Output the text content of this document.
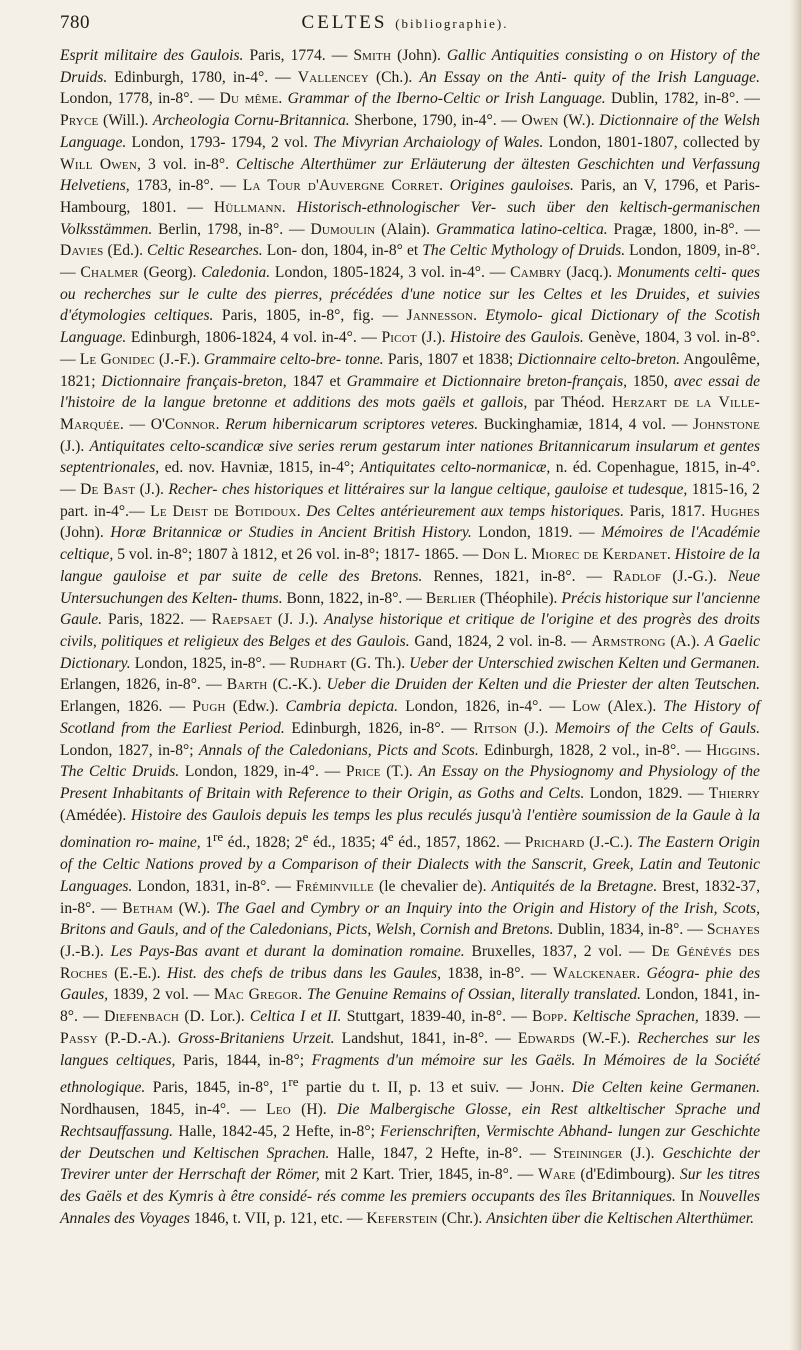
780	CELTES (bibliographie).
Esprit militaire des Gaulois. Paris, 1774. — Smith (John). Gallic Antiquities consisting o on History of the Druids. Edinburgh, 1780, in-4°. — Vallencey (Ch.). An Essay on the Anti- quity of the Irish Language. London, 1778, in-8°. — Du même. Grammar of the Iberno-Celtic or Irish Language. Dublin, 1782, in-8°. — Pryce (Will.). Archeologia Cornu-Britannica. Sherbone, 1790, in-4°. — Owen (W.). Dictionnaire of the Welsh Language. London, 1793- 1794, 2 vol. The Mivyrian Archaiology of Wales. London, 1801-1807, collected by Will Owen, 3 vol. in-8°. Celtische Alterthümer zur Erläuterung der ältesten Geschichten und Verfassung Helvetiens, 1783, in-8°. — La Tour d'Auvergne Corret. Origines gauloises. Paris, an V, 1796, et Paris-Hambourg, 1801. — Hüllmann. Historisch-ethnologischer Ver- such über den keltisch-germanischen Volksstämmen. Berlin, 1798, in-8°. — Dumoulin (Alain). Grammatica latino-celtica. Pragæ, 1800, in-8°. — Davies (Ed.). Celtic Researches. Lon- don, 1804, in-8° et The Celtic Mythology of Druids. London, 1809, in-8°. — Chalmer (Georg). Caledonia. London, 1805-1824, 3 vol. in-4°. — Cambry (Jacq.). Monuments celti- ques ou recherches sur le culte des pierres, précédées d'une notice sur les Celtes et les Druides, et suivies d'étymologies celtiques. Paris, 1805, in-8°, fig. — Jannesson. Etymolo- gical Dictionary of the Scotish Language. Edinburgh, 1806-1824, 4 vol. in-4°. — Picot (J.). Histoire des Gaulois. Genève, 1804, 3 vol. in-8°. — Le Gonidec (J.-F.). Grammaire celto-bre- tonne. Paris, 1807 et 1838; Dictionnaire celto-breton. Angoulême, 1821; Dictionnaire français-breton, 1847 et Grammaire et Dictionnaire breton-français, 1850, avec essai de l'histoire de la langue bretonne et additions des mots gaëls et gallois, par Théod. Herzart de la Ville-Marquée. — O'Connor. Rerum hibernicarum scriptores veteres. Buckinghamiæ, 1814, 4 vol. — Johnstone (J.). Antiquitates celto-scandicæ sive series rerum gestarum inter nationes Britannicarum insularum et gentes septentrionales, ed. nov. Havniæ, 1815, in-4°; Antiquitates celto-normanicæ, n. éd. Copenhague, 1815, in-4°. — De Bast (J.). Recher- ches historiques et littéraires sur la langue celtique, gauloise et tudesque, 1815-16, 2 part. in-4°.— Le Deist de Botidoux. Des Celtes antérieurement aux temps historiques. Paris, 1817. Hughes (John). Horæ Britannicæ or Studies in Ancient British History. London, 1819. — Mémoires de l'Académie celtique, 5 vol. in-8°; 1807 à 1812, et 26 vol. in-8°; 1817- 1865. — Don L. Miorec de Kerdanet. Histoire de la langue gauloise et par suite de celle des Bretons. Rennes, 1821, in-8°. — Radlof (J.-G.). Neue Untersuchungen des Kelten- thums. Bonn, 1822, in-8°. — Berlier (Théophile). Précis historique sur l'ancienne Gaule. Paris, 1822. — Raepsaet (J. J.). Analyse historique et critique de l'origine et des progrès des droits civils, politiques et religieux des Belges et des Gaulois. Gand, 1824, 2 vol. in-8. — Armstrong (A.). A Gaelic Dictionary. London, 1825, in-8°. — Rudhart (G. Th.). Ueber der Unterschied zwischen Kelten und Germanen. Erlangen, 1826, in-8°. — Barth (C.-K.). Ueber die Druiden der Kelten und die Priester der alten Teutschen. Erlangen, 1826. — Pugh (Edw.). Cambria depicta. London, 1826, in-4°. — Low (Alex.). The History of Scotland from the Earliest Period. Edinburgh, 1826, in-8°. — Ritson (J.). Memoirs of the Celts of Gauls. London, 1827, in-8°; Annals of the Caledonians, Picts and Scots. Edinburgh, 1828, 2 vol., in-8°. — Higgins. The Celtic Druids. London, 1829, in-4°. — Price (T.). An Essay on the Physiognomy and Physiology of the Present Inhabitants of Britain with Reference to their Origin, as Goths and Celts. London, 1829. — Thierry (Amédée). Histoire des Gaulois depuis les temps les plus reculés jusqu'à l'entière soumission de la Gaule à la domination ro- maine, 1re éd., 1828; 2e éd., 1835; 4e éd., 1857, 1862. — Prichard (J.-C.). The Eastern Origin of the Celtic Nations proved by a Comparison of their Dialects with the Sanscrit, Greek, Latin and Teutonic Languages. London, 1831, in-8°. — Fréminville (le chevalier de). Antiquités de la Bretagne. Brest, 1832-37, in-8°. — Betham (W.). The Gael and Cymbry or an Inquiry into the Origin and History of the Irish, Scots, Britons and Gauls, and of the Caledonians, Picts, Welsh, Cornish and Bretons. Dublin, 1834, in-8°. — Schayes (J.-B.). Les Pays-Bas avant et durant la domination romaine. Bruxelles, 1837, 2 vol. — De Génévés des Roches (E.-E.). Hist. des chefs de tribus dans les Gaules, 1838, in-8°. — Walckenaer. Géogra- phie des Gaules, 1839, 2 vol. — Mac Gregor. The Genuine Remains of Ossian, literally translated. London, 1841, in-8°. — Diefenbach (D. Lor.). Celtica I et II. Stuttgart, 1839-40, in-8°. — Bopp. Keltische Sprachen, 1839. — Passy (P.-D.-A.). Gross-Britaniens Urzeit. Landshut, 1841, in-8°. — Edwards (W.-F.). Recherches sur les langues celtiques, Paris, 1844, in-8°; Fragments d'un mémoire sur les Gaëls. In Mémoires de la Société ethnologique. Paris, 1845, in-8°, 1re partie du t. II, p. 13 et suiv. — John. Die Celten keine Germanen. Nordhausen, 1845, in-4°. — Leo (H). Die Malbergische Glosse, ein Rest altkeltischer Sprache und Rechtsauffassung. Halle, 1842-45, 2 Hefte, in-8°; Ferienschriften, Vermischte Abhand- lungen zur Geschichte der Deutschen und Keltischen Sprachen. Halle, 1847, 2 Hefte, in-8°. — Steininger (J.). Geschichte der Trevirer unter der Herrschaft der Römer, mit 2 Kart. Trier, 1845, in-8°. — Ware (d'Edimbourg). Sur les titres des Gaëls et des Kymris à être considé- rés comme les premiers occupants des îles Britanniques. In Nouvelles Annales des Voyages 1846, t. VII, p. 121, etc. — Keferstein (Chr.). Ansichten über die Keltischen Alterthümer.
